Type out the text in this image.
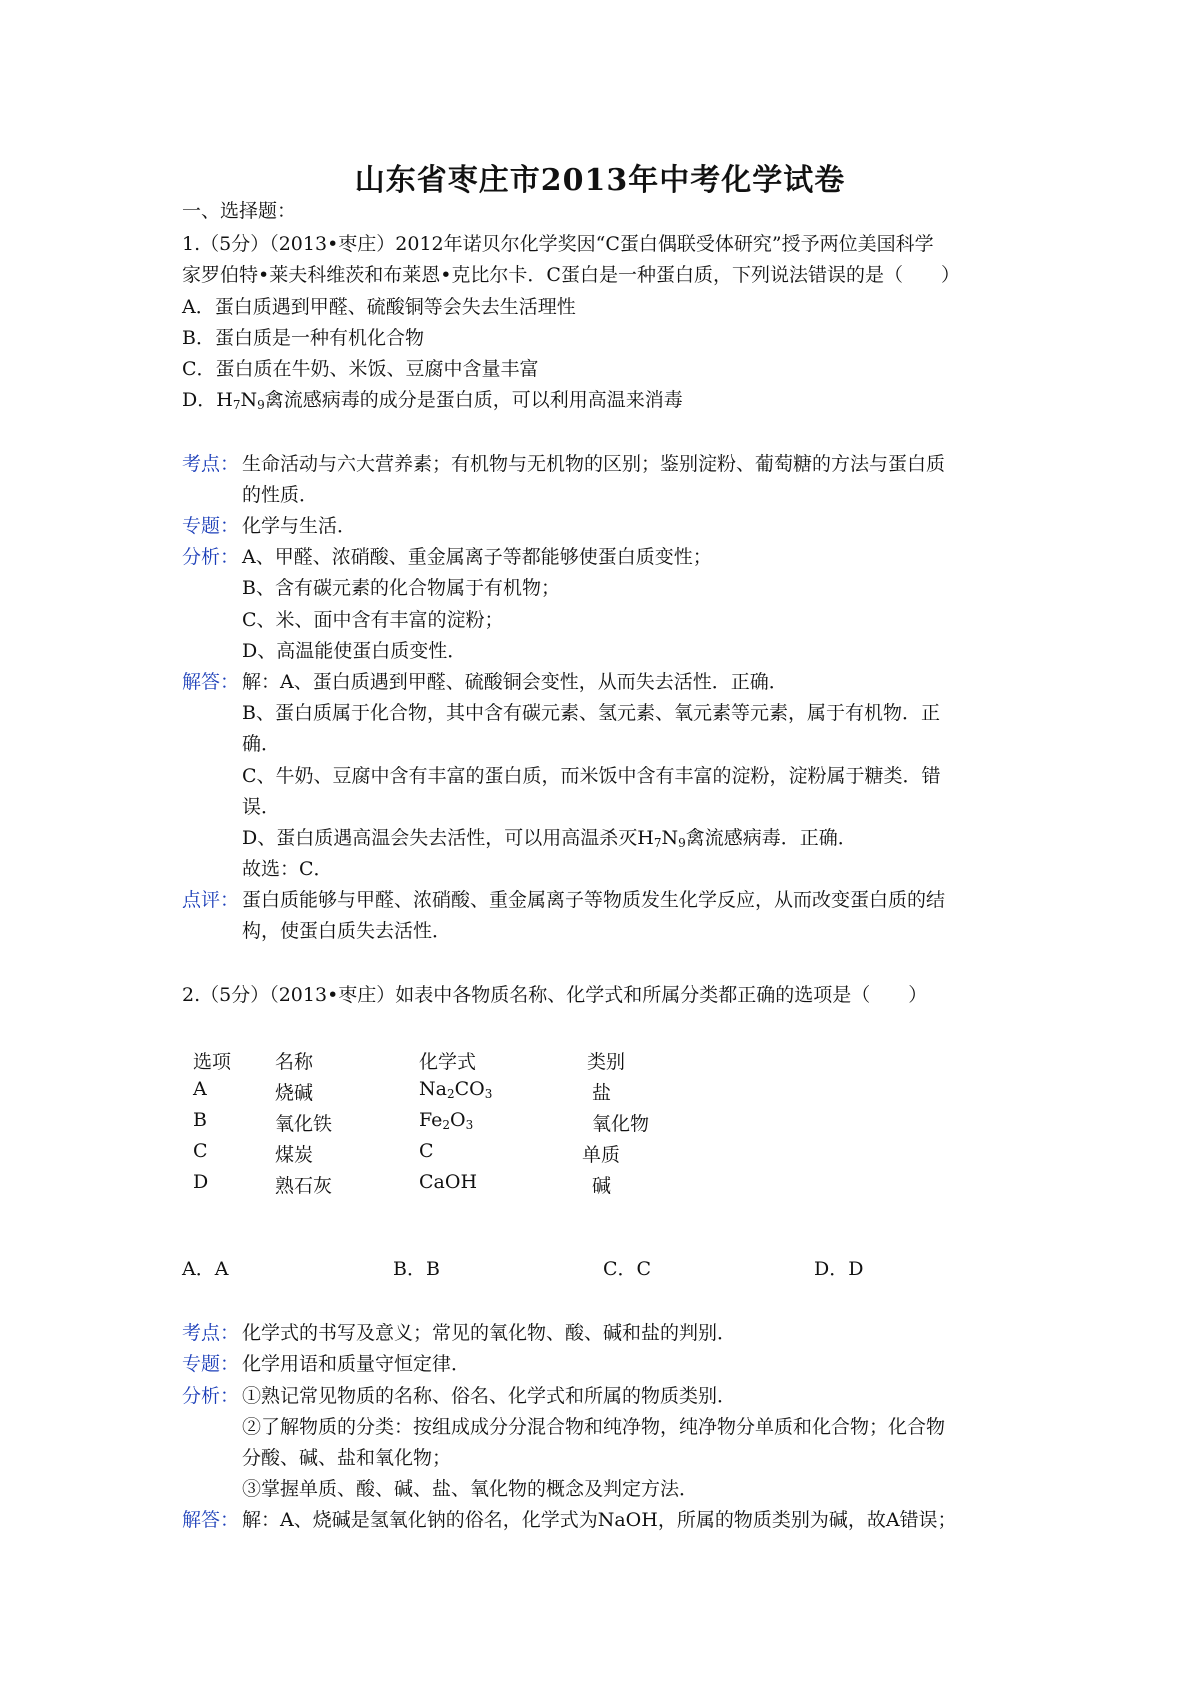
山东省枣庄市2013年中考化学试卷
一、选择题：
1.（5分）（2013•枣庄）2012年诺贝尔化学奖因“C蛋白偶联受体研究”授予两位美国科学
家罗伯特•莱夫科维茨和布莱恩•克比尔卡．C蛋白是一种蛋白质，下列说法错误的是（　　）
A．蛋白质遇到甲醛、硫酸铜等会失去生活理性
B．蛋白质是一种有机化合物
C．蛋白质在牛奶、米饭、豆腐中含量丰富
D．$H_7N_9$禽流感病毒的成分是蛋白质，可以利用高温来消毒
考点： 生命活动与六大营养素；有机物与无机物的区别；鉴别淀粉、葡萄糖的方法与蛋白质
的性质．
专题： 化学与生活．
分析： A、甲醛、浓硝酸、重金属离子等都能够使蛋白质变性；
B、含有碳元素的化合物属于有机物；
C、米、面中含有丰富的淀粉；
D、高温能使蛋白质变性．
解答： 解：A、蛋白质遇到甲醛、硫酸铜会变性，从而失去活性．正确．
B、蛋白质属于化合物，其中含有碳元素、氢元素、氧元素等元素，属于有机物．正
确．
C、牛奶、豆腐中含有丰富的蛋白质，而米饭中含有丰富的淀粉，淀粉属于糖类．错
误．
D、蛋白质遇高温会失去活性，可以用高温杀灭$H_7N_9$禽流感病毒．正确．
故选：C．
点评： 蛋白质能够与甲醛、浓硝酸、重金属离子等物质发生化学反应，从而改变蛋白质的结
构，使蛋白质失去活性．
2.（5分）（2013•枣庄）如表中各物质名称、化学式和所属分类都正确的选项是（　　）
选项 名称	化学式	类别
A	烧碱	$Na_2CO_3$	盐
B	氧化铁	$Fe_2O_3$	氧化物
C	煤炭	C	单质
D	熟石灰	CaOH	碱
A．A	B．B	C．C	D．D
考点： 化学式的书写及意义；常见的氧化物、酸、碱和盐的判别．
专题： 化学用语和质量守恒定律．
分析： ①熟记常见物质的名称、俗名、化学式和所属的物质类别．
②了解物质的分类：按组成成分分混合物和纯净物，纯净物分单质和化合物；化合物
分酸、碱、盐和氧化物；
③掌握单质、酸、碱、盐、氧化物的概念及判定方法．
解答： 解：A、烧碱是氢氧化钠的俗名，化学式为NaOH，所属的物质类别为碱，故A错误；
